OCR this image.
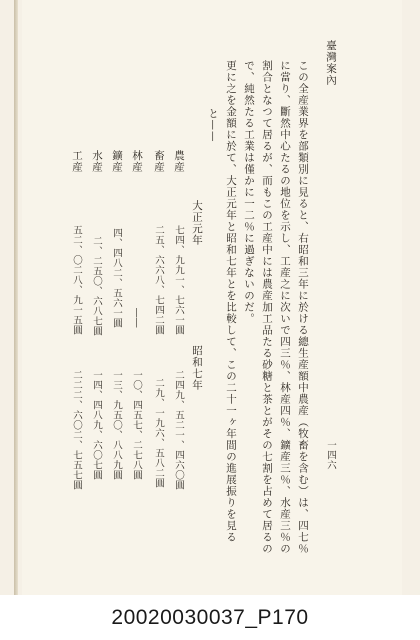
臺灣案內
一四六
この全産業界を部類別に見ると、右昭和三年に於ける總生産額中農産（牧畜を含む）は、四七％
に當り、斷然中心たるの地位を示し、工産之に次いで四三％、林産四％、鑛産三％、水産三％の
割合となつて居るが、而もこの工産中には農産加工品たる砂糖と茶とがその七割を占めて居るの
で、純然たる工業は僅かに一二％に過ぎないのだ。
更に之を金額に於て、大正元年と昭和七年とを比較して、この二十一ヶ年間の進展振りを見る
と——
大正元年
昭和七年
農産
七四、九九一、七六一圓
二四九、五二一、四六〇圓
畜産
二五、六六八、七四二圓
二九、一九六、五八二圓
林産
――
一〇、四五七、二七八圓
鑛産
四、四八二、五六一圓
一三、九五〇、八八九圓
水産
二、二五〇、六八七圓
一四、四八九、六〇七圓
工産
五二、〇二八、九一五圓
二二二、六〇二、七五七圓
20020030037_P170
